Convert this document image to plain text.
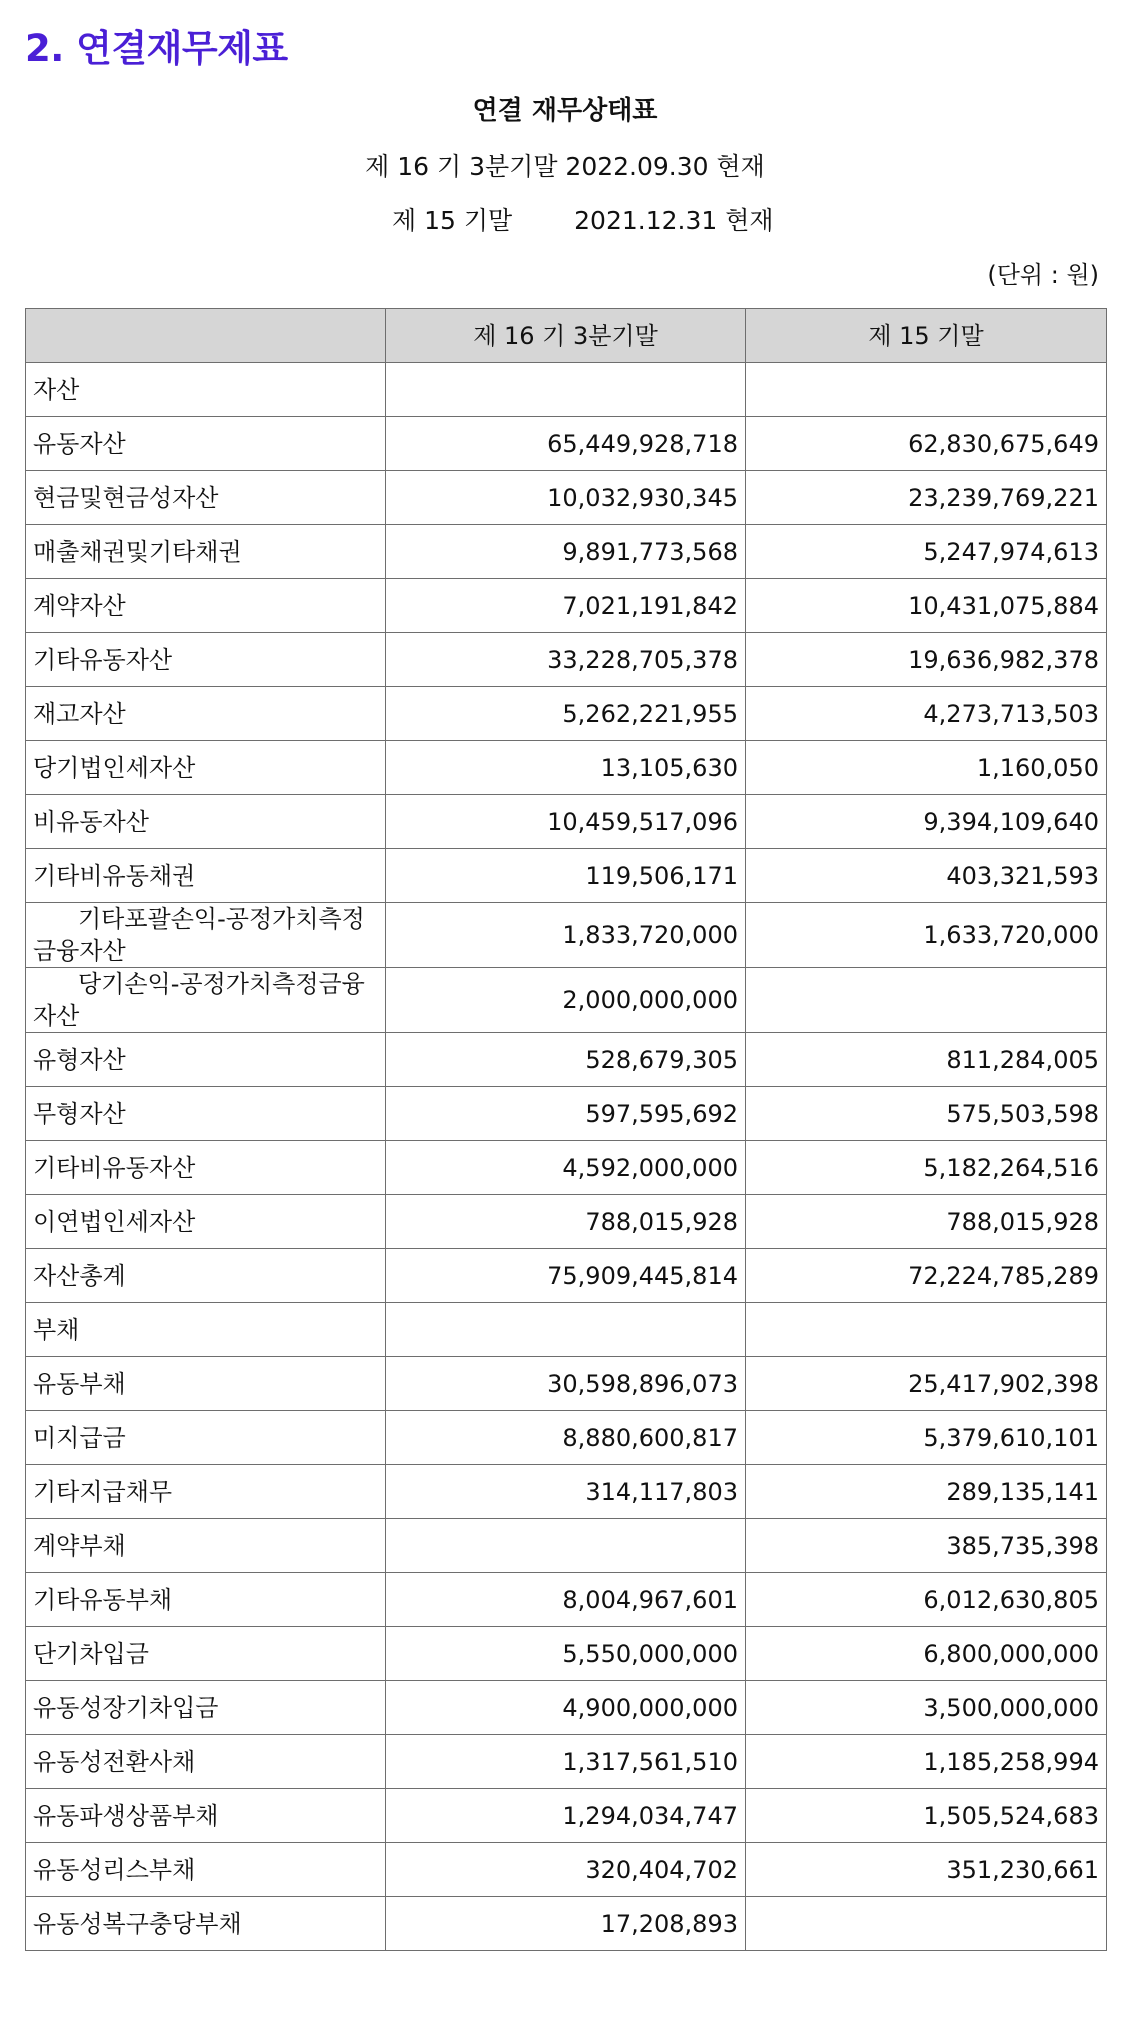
2. 연결재무제표
연결 재무상태표
제 16 기 3분기말 2022.09.30 현재
제 15 기말 2021.12.31 현재
(단위 : 원)
	제 16 기 3분기말	제 15 기말
자산		
유동자산	65,449,928,718	62,830,675,649
현금및현금성자산	10,032,930,345	23,239,769,221
매출채권및기타채권	9,891,773,568	5,247,974,613
계약자산	7,021,191,842	10,431,075,884
기타유동자산	33,228,705,378	19,636,982,378
재고자산	5,262,221,955	4,273,713,503
당기법인세자산	13,105,630	1,160,050
비유동자산	10,459,517,096	9,394,109,640
기타비유동채권	119,506,171	403,321,593
기타포괄손익-공정가치측정금융자산	1,833,720,000	1,633,720,000
당기손익-공정가치측정금융자산	2,000,000,000	
유형자산	528,679,305	811,284,005
무형자산	597,595,692	575,503,598
기타비유동자산	4,592,000,000	5,182,264,516
이연법인세자산	788,015,928	788,015,928
자산총계	75,909,445,814	72,224,785,289
부채		
유동부채	30,598,896,073	25,417,902,398
미지급금	8,880,600,817	5,379,610,101
기타지급채무	314,117,803	289,135,141
계약부채		385,735,398
기타유동부채	8,004,967,601	6,012,630,805
단기차입금	5,550,000,000	6,800,000,000
유동성장기차입금	4,900,000,000	3,500,000,000
유동성전환사채	1,317,561,510	1,185,258,994
유동파생상품부채	1,294,034,747	1,505,524,683
유동성리스부채	320,404,702	351,230,661
유동성복구충당부채	17,208,893	
